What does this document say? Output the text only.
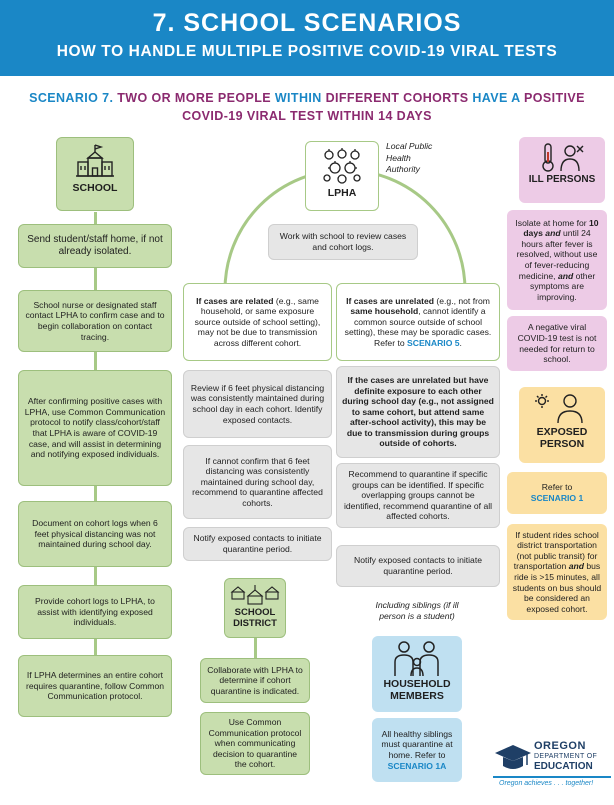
7. SCHOOL SCENARIOS
HOW TO HANDLE MULTIPLE POSITIVE COVID-19 VIRAL TESTS
SCENARIO 7. TWO OR MORE PEOPLE WITHIN DIFFERENT COHORTS HAVE A POSITIVE
COVID-19 VIRAL TEST WITHIN 14 DAYS
SCHOOL
Send student/staff home, if not already isolated.
School nurse or designated staff contact LPHA to confirm case and to begin collaboration on contact tracing.
After confirming positive cases with LPHA, use Common Communication protocol to notify class/cohort/staff that LPHA is aware of COVID-19 case, and will assist in determining and notifying exposed individuals.
Document on cohort logs when 6 feet physical distancing was not maintained during school day.
Provide cohort logs to LPHA, to assist with identifying exposed individuals.
If LPHA determines an entire cohort requires quarantine, follow Common Communication protocol.
LPHA
Local Public Health Authority
Work with school to review cases and cohort logs.
If cases are related (e.g., same household, or same exposure source outside of school setting), may not be due to transmission across different cohort.
If cases are unrelated (e.g., not from same household, cannot identify a common source outside of school setting), these may be sporadic cases. Refer to SCENARIO 5.
Review if 6 feet physical distancing was consistently maintained during school day in each cohort. Identify exposed contacts.
If cannot confirm that 6 feet distancing was consistently maintained during school day, recommend to quarantine affected cohorts.
Notify exposed contacts to initiate quarantine period.
If the cases are unrelated but have definite exposure to each other during school day (e.g., not assigned to same cohort, but attend same after-school activity), this may be due to transmission during groups outside of cohorts.
Recommend to quarantine if specific groups can be identified. If specific overlapping groups cannot be identified, recommend quarantine of all affected cohorts.
Notify exposed contacts to initiate quarantine period.
SCHOOL DISTRICT
Collaborate with LPHA to determine if cohort quarantine is indicated.
Use Common Communication protocol when communicating decision to quarantine the cohort.
Including siblings (if ill person is a student)
HOUSEHOLD MEMBERS
All healthy siblings must quarantine at home. Refer to
SCENARIO 1A
ILL PERSONS
Isolate at home for 10 days and until 24 hours after fever is resolved, without use of fever-reducing medicine, and other symptoms are improving.
A negative viral COVID-19 test is not needed for return to school.
EXPOSED PERSON
Refer to
SCENARIO 1
If student rides school district transportation (not public transit) for transportation and bus ride is >15 minutes, all students on bus should be considered an exposed cohort.
OREGON
DEPARTMENT OF
EDUCATION
Oregon achieves . . . together!
